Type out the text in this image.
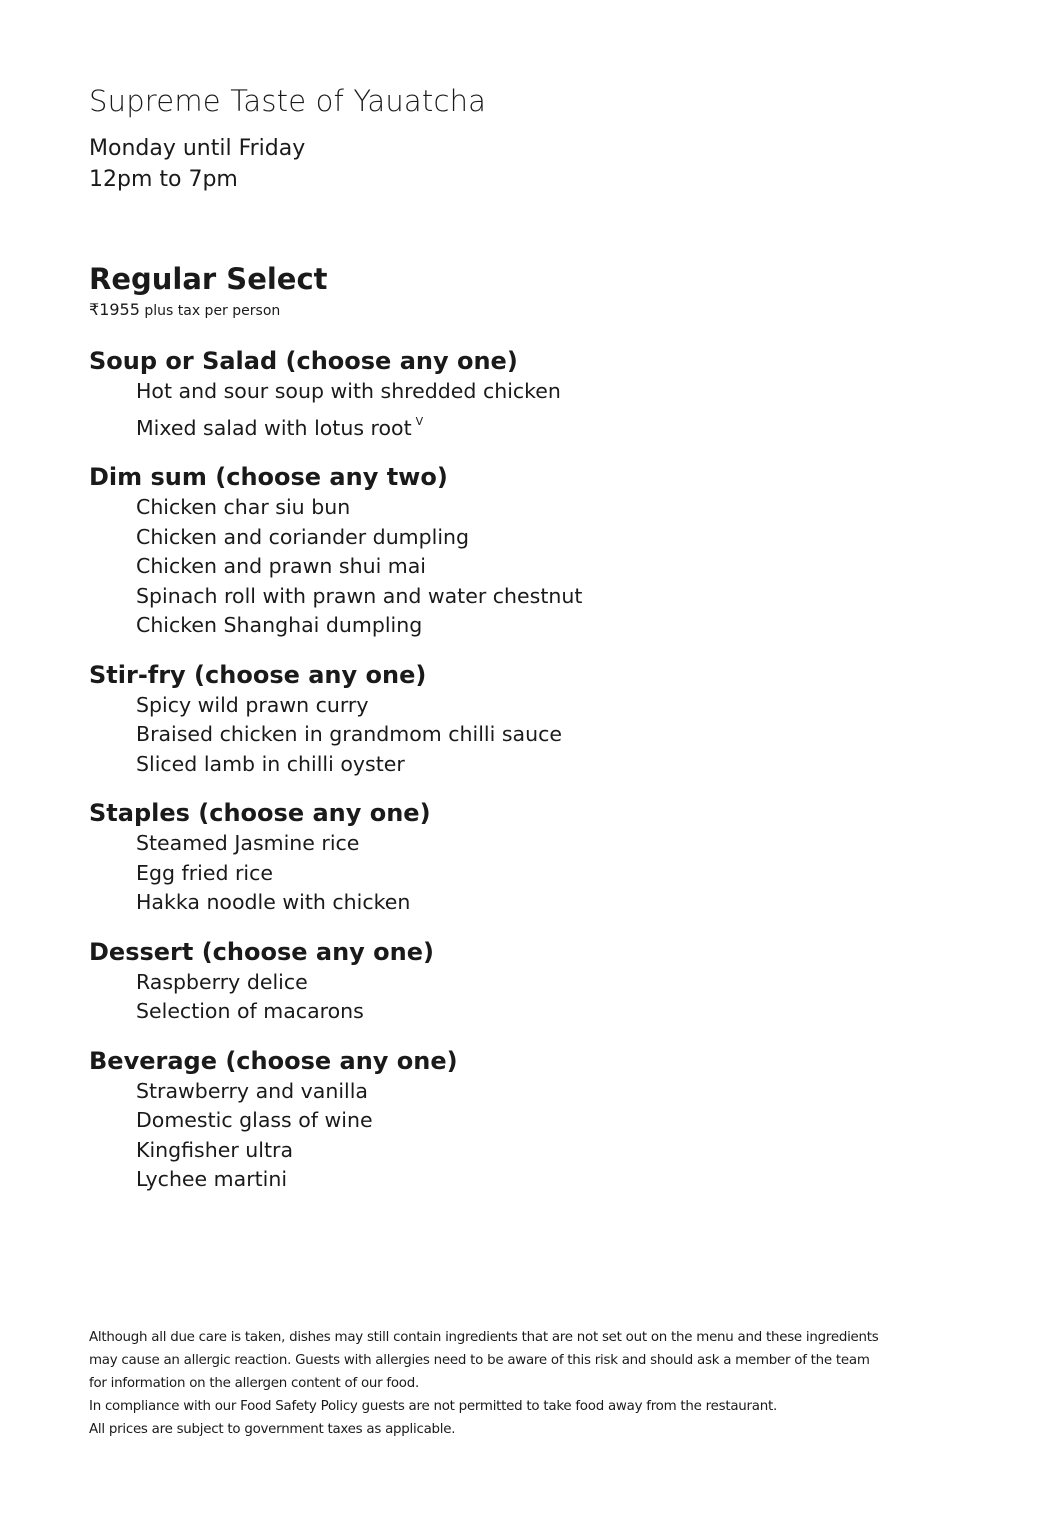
Supreme Taste of Yauatcha
Monday until Friday
12pm to 7pm
Regular Select
₹1955 plus tax per person
Soup or Salad (choose any one)
Hot and sour soup with shredded chicken
Mixed salad with lotus root $^V$
Dim sum (choose any two)
Chicken char siu bun
Chicken and coriander dumpling
Chicken and prawn shui mai
Spinach roll with prawn and water chestnut
Chicken Shanghai dumpling
Stir-fry (choose any one)
Spicy wild prawn curry
Braised chicken in grandmom chilli sauce
Sliced lamb in chilli oyster
Staples (choose any one)
Steamed Jasmine rice
Egg fried rice
Hakka noodle with chicken
Dessert (choose any one)
Raspberry delice
Selection of macarons
Beverage (choose any one)
Strawberry and vanilla
Domestic glass of wine
Kingfisher ultra
Lychee martini
Although all due care is taken, dishes may still contain ingredients that are not set out on the menu and these ingredients
may cause an allergic reaction. Guests with allergies need to be aware of this risk and should ask a member of the team
for information on the allergen content of our food.
In compliance with our Food Safety Policy guests are not permitted to take food away from the restaurant.
All prices are subject to government taxes as applicable.
